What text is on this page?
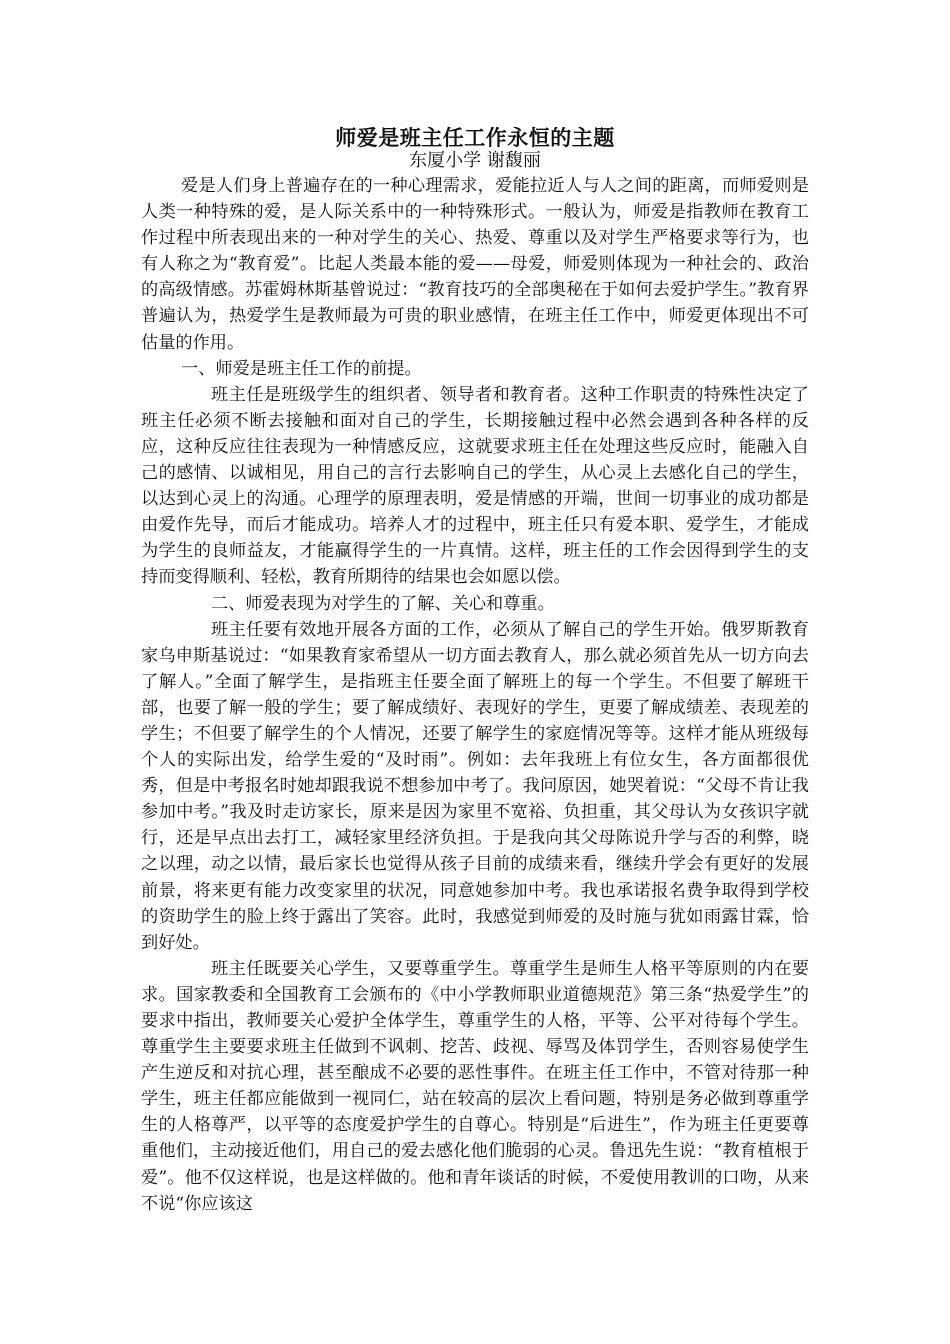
师爱是班主任工作永恒的主题
东厦小学 谢馥丽

爱是人们身上普遍存在的一种心理需求，爱能拉近人与人之间的距离，而师爱则是人类一种特殊的爱，是人际关系中的一种特殊形式。一般认为，师爱是指教师在教育工作过程中所表现出来的一种对学生的关心、热爱、尊重以及对学生严格要求等行为，也有人称之为“教育爱”。比起人类最本能的爱——母爱，师爱则体现为一种社会的、政治的高级情感。苏霍姆林斯基曾说过：“教育技巧的全部奥秘在于如何去爱护学生。”教育界普遍认为，热爱学生是教师最为可贵的职业感情，在班主任工作中，师爱更体现出不可估量的作用。

一、师爱是班主任工作的前提。

班主任是班级学生的组织者、领导者和教育者。这种工作职责的特殊性决定了班主任必须不断去接触和面对自己的学生，长期接触过程中必然会遇到各种各样的反应，这种反应往往表现为一种情感反应，这就要求班主任在处理这些反应时，能融入自己的感情、以诚相见，用自己的言行去影响自己的学生，从心灵上去感化自己的学生，以达到心灵上的沟通。心理学的原理表明，爱是情感的开端，世间一切事业的成功都是由爱作先导，而后才能成功。培养人才的过程中，班主任只有爱本职、爱学生，才能成为学生的良师益友，才能赢得学生的一片真情。这样，班主任的工作会因得到学生的支持而变得顺利、轻松，教育所期待的结果也会如愿以偿。

二、师爱表现为对学生的了解、关心和尊重。

班主任要有效地开展各方面的工作，必须从了解自己的学生开始。俄罗斯教育家乌申斯基说过：“如果教育家希望从一切方面去教育人，那么就必须首先从一切方向去了解人。”全面了解学生，是指班主任要全面了解班上的每一个学生。不但要了解班干部，也要了解一般的学生；要了解成绩好、表现好的学生，更要了解成绩差、表现差的学生；不但要了解学生的个人情况，还要了解学生的家庭情况等等。这样才能从班级每个人的实际出发，给学生爱的“及时雨”。例如：去年我班上有位女生，各方面都很优秀，但是中考报名时她却跟我说不想参加中考了。我问原因，她哭着说：“父母不肯让我参加中考。”我及时走访家长，原来是因为家里不宽裕、负担重，其父母认为女孩识字就行，还是早点出去打工，减轻家里经济负担。于是我向其父母陈说升学与否的利弊，晓之以理，动之以情，最后家长也觉得从孩子目前的成绩来看，继续升学会有更好的发展前景，将来更有能力改变家里的状况，同意她参加中考。我也承诺报名费争取得到学校的资助学生的脸上终于露出了笑容。此时，我感觉到师爱的及时施与犹如雨露甘霖，恰到好处。

班主任既要关心学生，又要尊重学生。尊重学生是师生人格平等原则的内在要求。国家教委和全国教育工会颁布的《中小学教师职业道德规范》第三条“热爱学生”的要求中指出，教师要关心爱护全体学生，尊重学生的人格，平等、公平对待每个学生。尊重学生主要要求班主任做到不讽刺、挖苦、歧视、辱骂及体罚学生，否则容易使学生产生逆反和对抗心理，甚至酿成不必要的恶性事件。在班主任工作中，不管对待那一种学生，班主任都应能做到一视同仁，站在较高的层次上看问题，特别是务必做到尊重学生的人格尊严，以平等的态度爱护学生的自尊心。特别是“后进生”，作为班主任更要尊重他们，主动接近他们，用自己的爱去感化他们脆弱的心灵。鲁迅先生说：“教育植根于爱”。他不仅这样说，也是这样做的。他和青年谈话的时候，不爱使用教训的口吻，从来不说“你应该这
